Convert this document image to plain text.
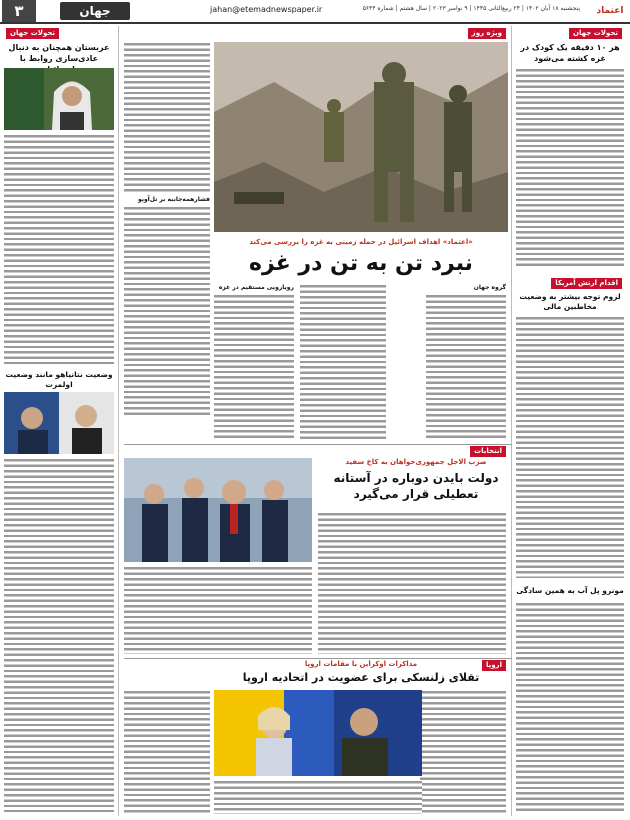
۳	جهان	jahan@etemadnewspaper.ir	پنجشنبه ۱۸ آبان ۱۴۰۲ | ۲۴ ربیع‌الثانی ۱۴۴۵ | ۹ نوامبر ۲۰۲۳ | سال هشتم | شماره ۵۶۴۴ اعتماد
تحولات جهان
هر ۱۰ دقیقه یک کودک در غزه کشته می‌شود
اقدام ارتش آمریکا
لزوم توجه بیشتر به وضعیت مخاطبین مالی
مونرو پل آب به همین سادگی
ویژه روز
فشارهمه‌جانبه بر تل‌آویو
«اعتماد» اهداف اسرائیل در حمله زمینی به غزه را بررسی می‌کند
نبرد تن به تن در غزه
گروه جهان
رویارویی مستقیم در غزه
تحولات جهان
عربستان همچنان به دنبال عادی‌سازی روابط با
وضعیت نتانیاهو مانند وضعیت اولمرت
انتخابات
ضرب الاجل جمهوری‌خواهان به کاخ سفید
دولت بایدن دوباره در آستانه تعطیلی قرار می‌گیرد
اروپا
مذاکرات اوکراین با مقامات اروپا
تقلای زلنسکی برای عضویت در اتحادیه اروپا
